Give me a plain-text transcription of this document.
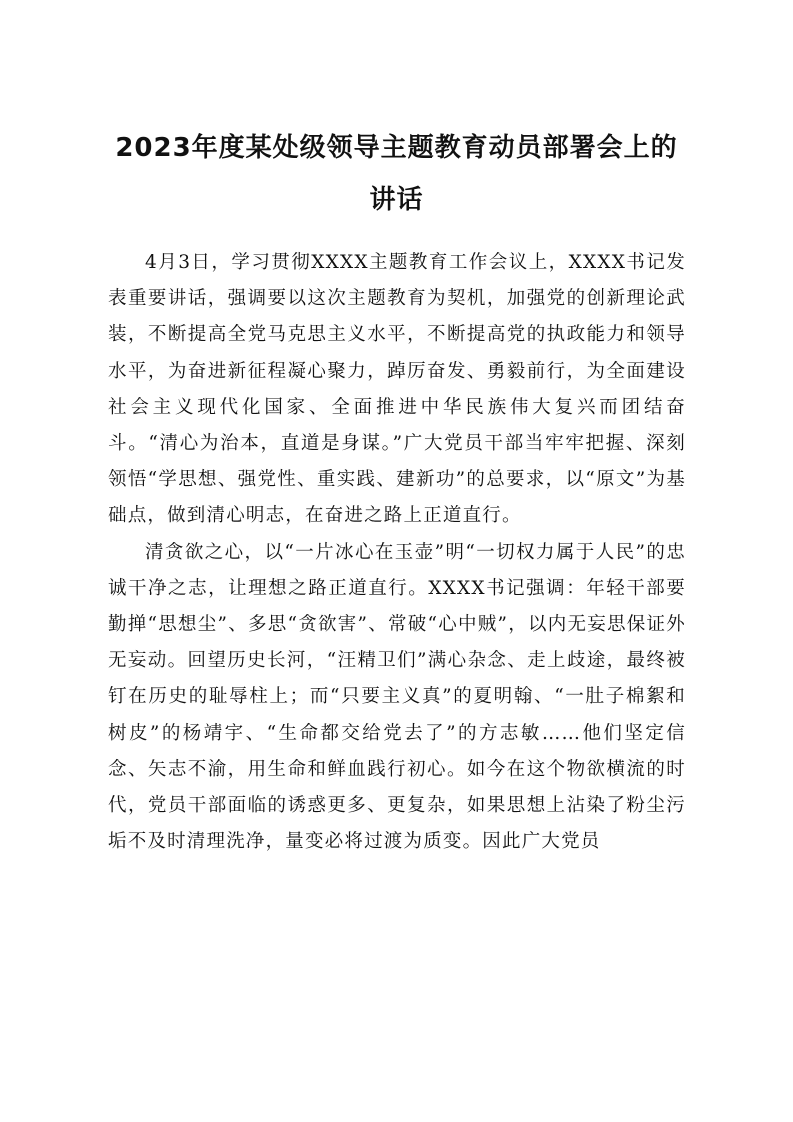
2023年度某处级领导主题教育动员部署会上的讲话

4月3日，学习贯彻XXXX主题教育工作会议上，XXXX书记发表重要讲话，强调要以这次主题教育为契机，加强党的创新理论武装，不断提高全党马克思主义水平，不断提高党的执政能力和领导水平，为奋进新征程凝心聚力，踔厉奋发、勇毅前行，为全面建设社会主义现代化国家、全面推进中华民族伟大复兴而团结奋斗。“清心为治本，直道是身谋。”广大党员干部当牢牢把握、深刻领悟“学思想、强党性、重实践、建新功”的总要求，以“原文”为基础点，做到清心明志，在奋进之路上正道直行。

清贪欲之心，以“一片冰心在玉壶”明“一切权力属于人民”的忠诚干净之志，让理想之路正道直行。XXXX书记强调：年轻干部要勤掸“思想尘”、多思“贪欲害”、常破“心中贼”，以内无妄思保证外无妄动。回望历史长河，“汪精卫们”满心杂念、走上歧途，最终被钉在历史的耻辱柱上；而“只要主义真”的夏明翰、“一肚子棉絮和树皮”的杨靖宇、“生命都交给党去了”的方志敏……他们坚定信念、矢志不渝，用生命和鲜血践行初心。如今在这个物欲横流的时代，党员干部面临的诱惑更多、更复杂，如果思想上沾染了粉尘污垢不及时清理洗净，量变必将过渡为质变。因此广大党员
